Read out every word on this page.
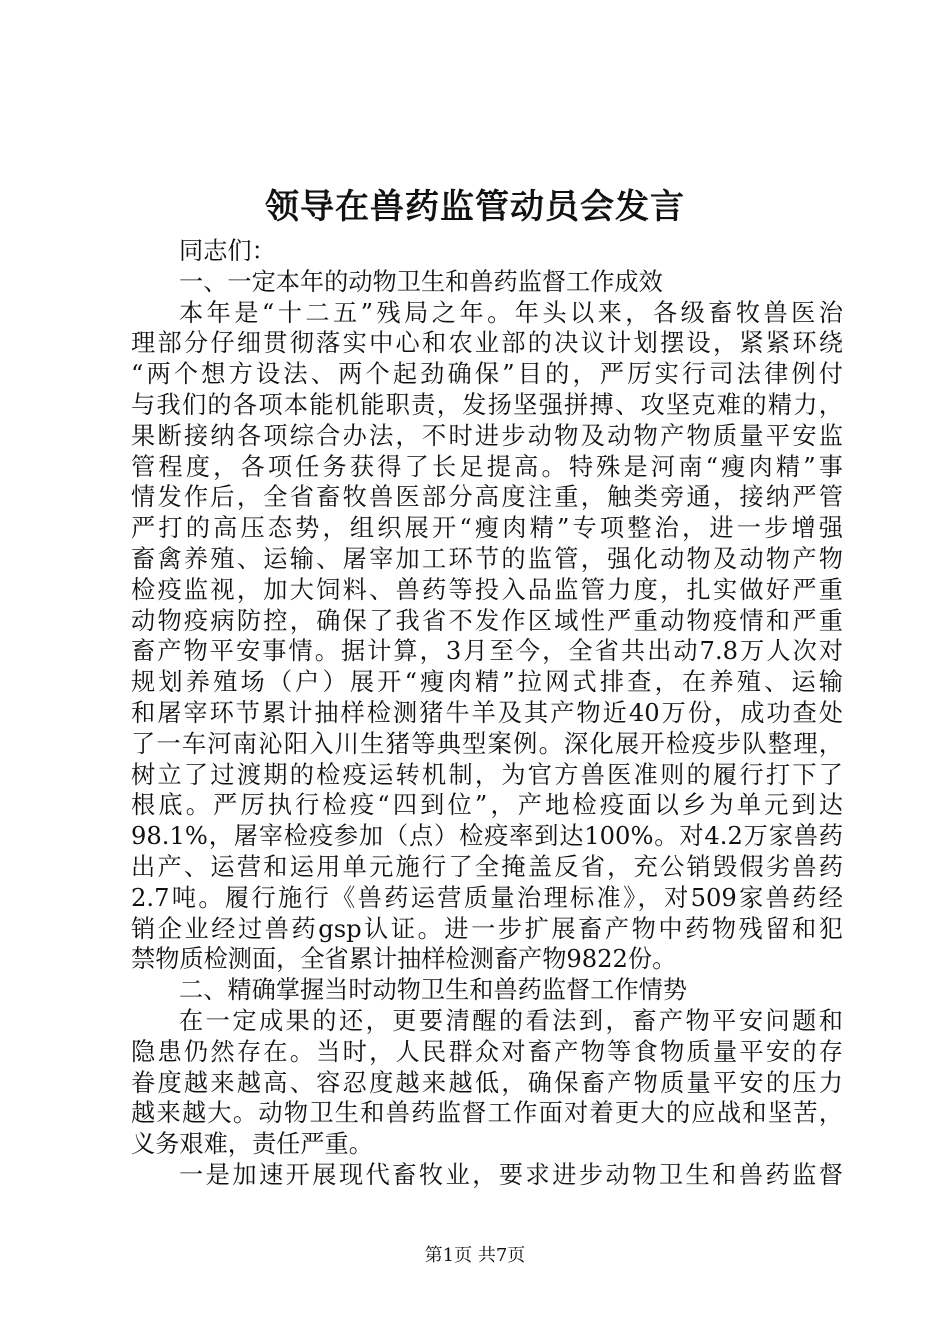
领导在兽药监管动员会发言
同志们：
一、一定本年的动物卫生和兽药监督工作成效
本年是“十二五”残局之年。年头以来，各级畜牧兽医治
理部分仔细贯彻落实中心和农业部的决议计划摆设，紧紧环绕
“两个想方设法、两个起劲确保”目的，严厉实行司法律例付
与我们的各项本能机能职责，发扬坚强拼搏、攻坚克难的精力，
果断接纳各项综合办法，不时进步动物及动物产物质量平安监
管程度，各项任务获得了长足提高。特殊是河南“瘦肉精”事
情发作后，全省畜牧兽医部分高度注重，触类旁通，接纳严管
严打的高压态势，组织展开“瘦肉精”专项整治，进一步增强
畜禽养殖、运输、屠宰加工环节的监管，强化动物及动物产物
检疫监视，加大饲料、兽药等投入品监管力度，扎实做好严重
动物疫病防控，确保了我省不发作区域性严重动物疫情和严重
畜产物平安事情。据计算，3月至今，全省共出动7.8万人次对
规划养殖场（户）展开“瘦肉精”拉网式排查，在养殖、运输
和屠宰环节累计抽样检测猪牛羊及其产物近40万份，成功查处
了一车河南沁阳入川生猪等典型案例。深化展开检疫步队整理，
树立了过渡期的检疫运转机制，为官方兽医准则的履行打下了
根底。严厉执行检疫“四到位”，产地检疫面以乡为单元到达
98.1%，屠宰检疫参加（点）检疫率到达100%。对4.2万家兽药
出产、运营和运用单元施行了全掩盖反省，充公销毁假劣兽药
2.7吨。履行施行《兽药运营质量治理标准》，对509家兽药经
销企业经过兽药gsp认证。进一步扩展畜产物中药物残留和犯
禁物质检测面，全省累计抽样检测畜产物9822份。
二、精确掌握当时动物卫生和兽药监督工作情势
在一定成果的还，更要清醒的看法到，畜产物平安问题和
隐患仍然存在。当时，人民群众对畜产物等食物质量平安的存
眷度越来越高、容忍度越来越低，确保畜产物质量平安的压力
越来越大。动物卫生和兽药监督工作面对着更大的应战和坚苦，
义务艰难，责任严重。
一是加速开展现代畜牧业，要求进步动物卫生和兽药监督
第1页 共7页
